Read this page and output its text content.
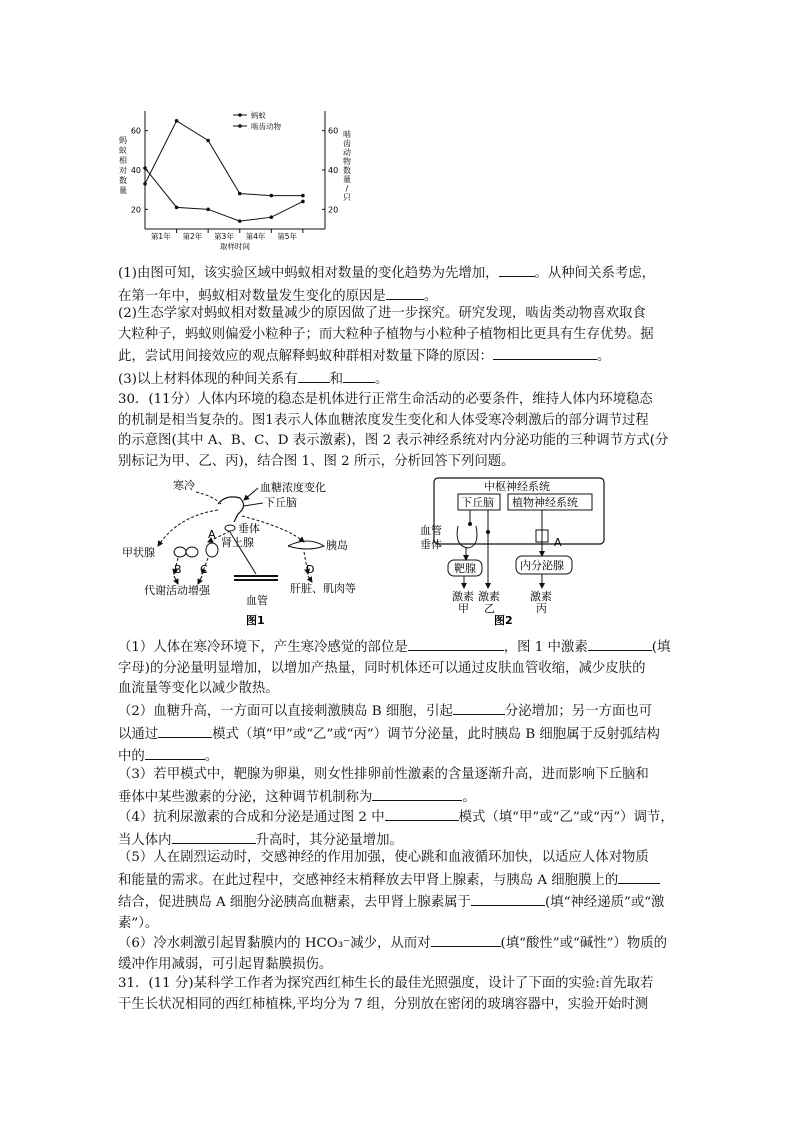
20
40
60
20
40
60
第1年 第2年 第3年 第4年 第5年
取样时间
蚂
蚁
相
对
数
量
啮
齿
动
物
数
量
/
只
蚂蚁
啮齿动物

(1)由图可知，该实验区域中蚂蚁相对数量的变化趋势为先增加，	。从种间关系考虑，
在第一年中，蚂蚁相对数量发生变化的原因是	。

(2)生态学家对蚂蚁相对数量减少的原因做了进一步探究。研究发现，啮齿类动物喜欢取食
大粒种子，蚂蚁则偏爱小粒种子；而大粒种子植物与小粒种子植物相比更具有生存优势。据
此，尝试用间接效应的观点解释蚂蚁种群相对数量下降的原因：	。

(3)以上材料体现的种间关系有 和 。

30．(11分）人体内环境的稳态是机体进行正常生命活动的必要条件，维持人体内环境稳态
的机制是相当复杂的。图1表示人体血糖浓度发生变化和人体受寒冷刺激后的部分调节过程
的示意图(其中 A、B、C、D 表示激素)，图 2 表示神经系统对内分泌功能的三种调节方式(分
别标记为甲、乙、丙)，结合图 1、图 2 所示，分析回答下列问题。

寒冷	血糖浓度变化
下丘脑
垂体
肾上腺
甲状腺
胰岛
A
B C	D
代谢活动增强
血管
肝脏、肌肉等
图1
中枢神经系统
下丘脑 植物神经系统
血管
垂体	A
靶腺	内分泌腺
激素
甲
激素
乙
激素
丙
图2

（1）人体在寒冷环境下，产生寒冷感觉的部位是	，图 1 中激素	(填
字母)的分泌量明显增加，以增加产热量，同时机体还可以通过皮肤血管收缩，减少皮肤的
血流量等变化以减少散热。

（2）血糖升高，一方面可以直接刺激胰岛 B 细胞，引起	分泌增加；另一方面也可
以通过	模式（填“甲”或“乙”或“丙”）调节分泌量，此时胰岛 B 细胞属于反射弧结构
中的	。

（3）若甲模式中，靶腺为卵巢，则女性排卵前性激素的含量逐渐升高，进而影响下丘脑和
垂体中某些激素的分泌，这种调节机制称为	。

（4）抗利尿激素的合成和分泌是通过图 2 中	模式（填“甲”或“乙”或“丙”）调节，
当人体内	升高时，其分泌量增加。

（5）人在剧烈运动时，交感神经的作用加强，使心跳和血液循环加快，以适应人体对物质
和能量的需求。在此过程中，交感神经末梢释放去甲肾上腺素，与胰岛 A 细胞膜上的
结合，促进胰岛 A 细胞分泌胰高血糖素，去甲肾上腺素属于	(填“神经递质”或“激
素”）。

（6）冷水刺激引起胃黏膜内的 HCO₃⁻减少，从而对	(填“酸性”或“碱性”）物质的
缓冲作用减弱，可引起胃黏膜损伤。

31．(11 分)某科学工作者为探究西红柿生长的最佳光照强度，设计了下面的实验:首先取若
干生长状况相同的西红柿植株,平均分为 7 组，分别放在密闭的玻璃容器中，实验开始时测
